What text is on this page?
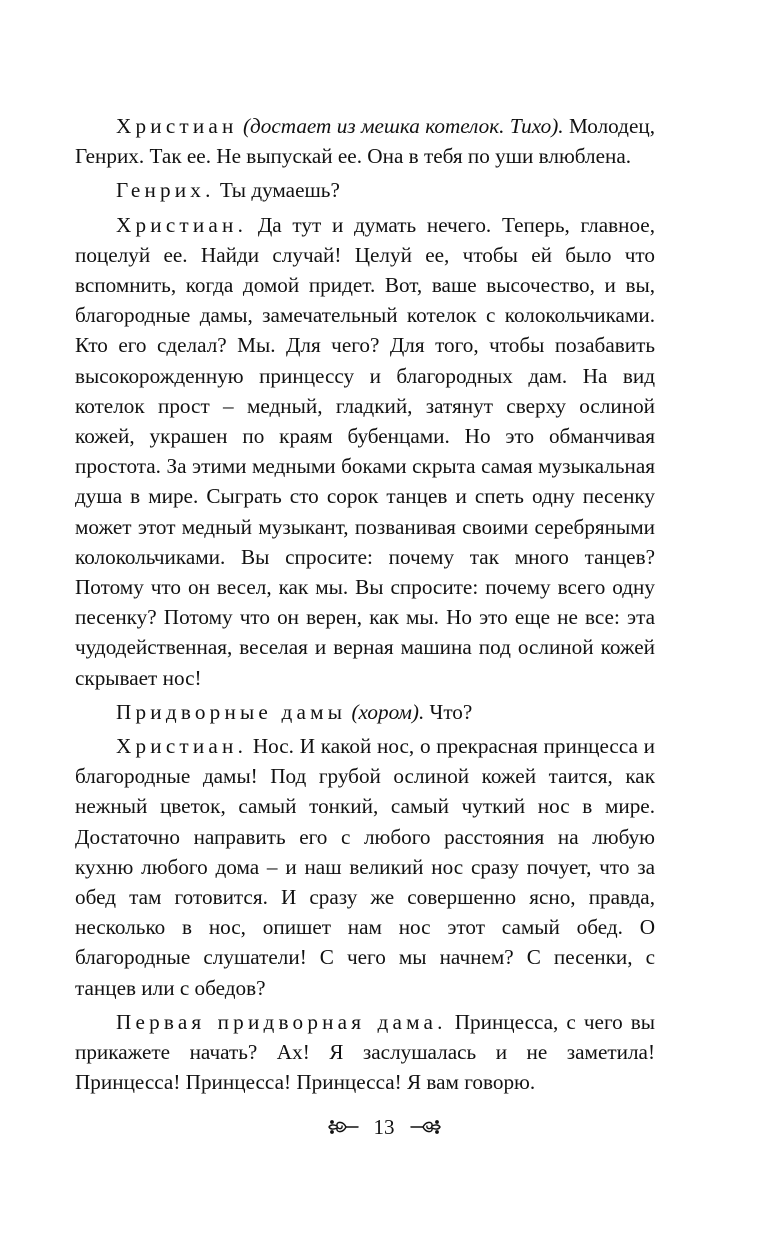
Христиан (достает из мешка котелок. Тихо). Молодец, Генрих. Так ее. Не выпускай ее. Она в тебя по уши влюблена.

Генрих. Ты думаешь?

Христиан. Да тут и думать нечего. Теперь, главное, поцелуй ее. Найди случай! Целуй ее, чтобы ей было что вспомнить, когда домой придет. Вот, ваше высочество, и вы, благородные дамы, замечательный котелок с колокольчиками. Кто его сделал? Мы. Для чего? Для того, чтобы позабавить высокорожденную принцессу и благородных дам. На вид котелок прост – медный, гладкий, затянут сверху ослиной кожей, украшен по краям бубенцами. Но это обманчивая простота. За этими медными боками скрыта самая музыкальная душа в мире. Сыграть сто сорок танцев и спеть одну песенку может этот медный музыкант, позванивая своими серебряными колокольчиками. Вы спросите: почему так много танцев? Потому что он весел, как мы. Вы спросите: почему всего одну песенку? Потому что он верен, как мы. Но это еще не все: эта чудодейственная, веселая и верная машина под ослиной кожей скрывает нос!

Придворные дамы (хором). Что?

Христиан. Нос. И какой нос, о прекрасная принцесса и благородные дамы! Под грубой ослиной кожей таится, как нежный цветок, самый тонкий, самый чуткий нос в мире. Достаточно направить его с любого расстояния на любую кухню любого дома – и наш великий нос сразу почует, что за обед там готовится. И сразу же совершенно ясно, правда, несколько в нос, опишет нам нос этот самый обед. О благородные слушатели! С чего мы начнем? С песенки, с танцев или с обедов?

Первая придворная дама. Принцесса, с чего вы прикажете начать? Ах! Я заслушалась и не заметила! Принцесса! Принцесса! Принцесса! Я вам говорю.

13
